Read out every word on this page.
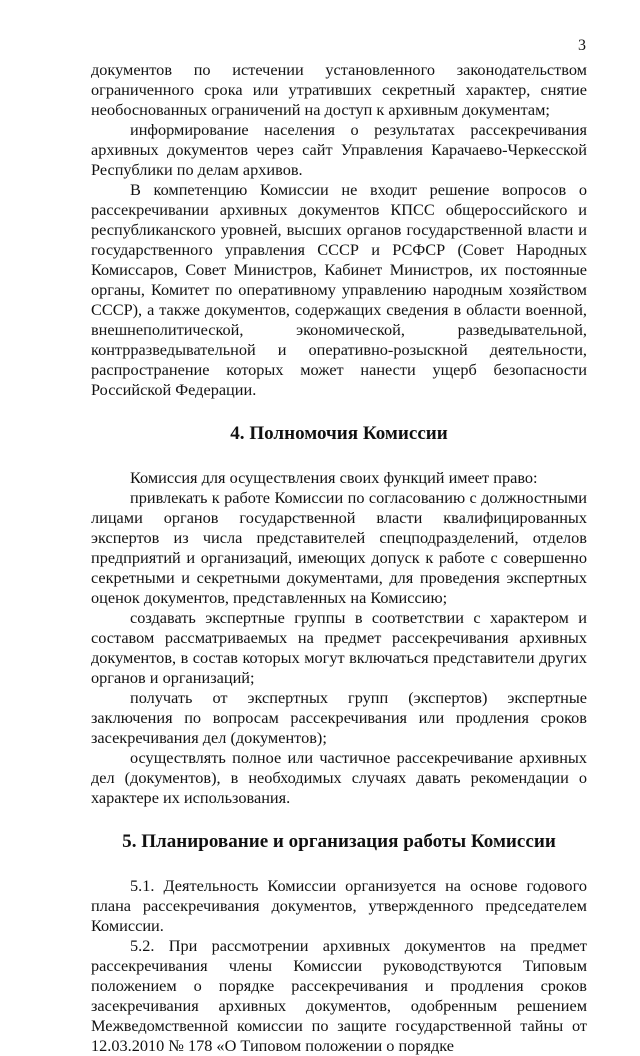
3

документов по истечении установленного законодательством ограниченного срока или утративших секретный характер, снятие необоснованных ограничений на доступ к архивным документам;

информирование населения о результатах рассекречивания архивных документов через сайт Управления Карачаево-Черкесской Республики по делам архивов.

В компетенцию Комиссии не входит решение вопросов о рассекречивании архивных документов КПСС общероссийского и республиканского уровней, высших органов государственной власти и государственного управления СССР и РСФСР (Совет Народных Комиссаров, Совет Министров, Кабинет Министров, их постоянные органы, Комитет по оперативному управлению народным хозяйством СССР), а также документов, содержащих сведения в области военной, внешнеполитической, экономической, разведывательной, контрразведывательной и оперативно-розыскной деятельности, распространение которых может нанести ущерб безопасности Российской Федерации.

4. Полномочия Комиссии

Комиссия для осуществления своих функций имеет право:

привлекать к работе Комиссии по согласованию с должностными лицами органов государственной власти квалифицированных экспертов из числа представителей спецподразделений, отделов предприятий и организаций, имеющих допуск к работе с совершенно секретными и секретными документами, для проведения экспертных оценок документов, представленных на Комиссию;

создавать экспертные группы в соответствии с характером и составом рассматриваемых на предмет рассекречивания архивных документов, в состав которых могут включаться представители других органов и организаций;

получать от экспертных групп (экспертов) экспертные заключения по вопросам рассекречивания или продления сроков засекречивания дел (документов);

осуществлять полное или частичное рассекречивание архивных дел (документов), в необходимых случаях давать рекомендации о характере их использования.

5. Планирование и организация работы Комиссии

5.1. Деятельность Комиссии организуется на основе годового плана рассекречивания документов, утвержденного председателем Комиссии.

5.2. При рассмотрении архивных документов на предмет рассекречивания члены Комиссии руководствуются Типовым положением о порядке рассекречивания и продления сроков засекречивания архивных документов, одобренным решением Межведомственной комиссии по защите государственной тайны от 12.03.2010 № 178 «О Типовом положении о порядке
